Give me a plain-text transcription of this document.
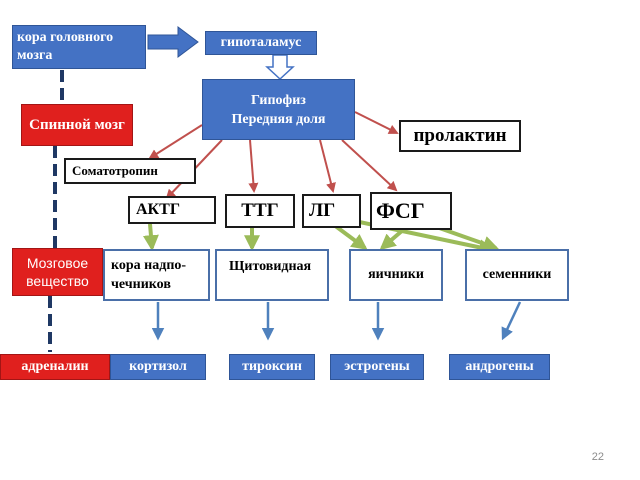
кора головного мозга
гипоталамус
Гипофиз
Передняя доля
Спинной мозг	пролактин
Соматотропин
АКТГ	ТТГ ЛГ ФСГ
Мозговое вещество
кора надпо-
чечников
Щитовидная
яичники	семенники
адреналин	кортизол	тироксин	эстрогены	андрогены
22
